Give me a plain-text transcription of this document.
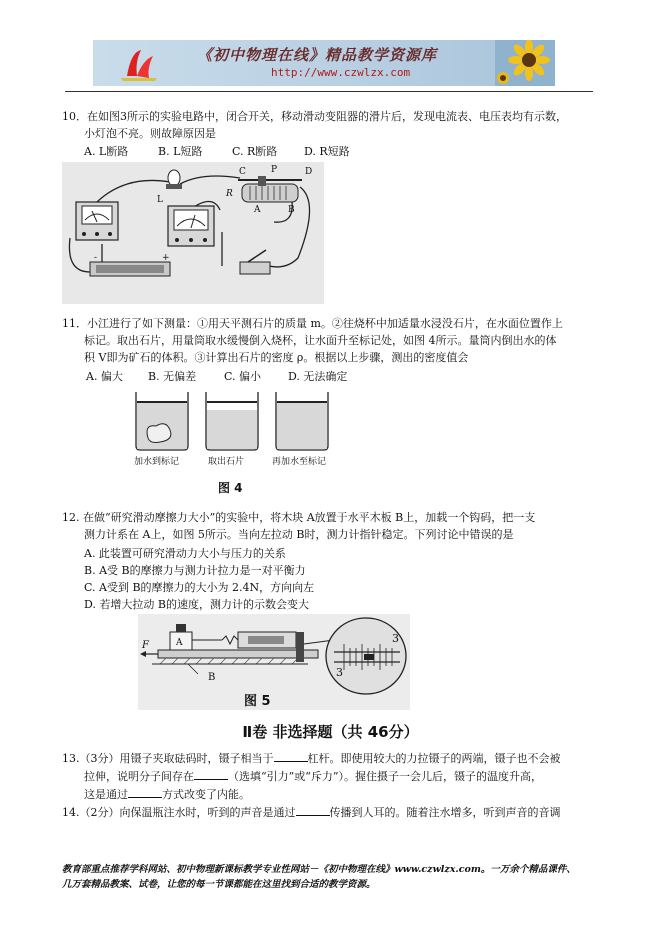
《初中物理在线》精品教学资源库
http://www.czwlzx.com
10．在如图3所示的实验电路中，闭合开关，移动滑动变阻器的滑片后，发现电流表、电压表均有示数，
小灯泡不亮。则故障原因是
A. L断路	B. L短路	C. R断路 D. R短路
C	D
L
R
A	B
P
-	+
11．小江进行了如下测量：①用天平测石片的质量 m。②往烧杯中加适量水浸没石片，在水面位置作上
标记。取出石片，用量筒取水缓慢倒入烧杯，让水面升至标记处，如图 4所示。量筒内倒出水的体
积 V即为矿石的体积。③计算出石片的密度 ρ。根据以上步骤，测出的密度值会
A. 偏大 B. 无偏差	C. 偏小 D. 无法确定
加水到标记	取出石片	再加水至标记
图 4
12. 在做“研究滑动摩擦力大小”的实验中，将木块 A放置于水平木板 B上，加载一个钩码，把一支
测力计系在 A上，如图 5所示。当向左拉动 B时，测力计指针稳定。下列讨论中错误的是
A. 此装置可研究滑动力大小与压力的关系
B. A受 B的摩擦力与测力计拉力是一对平衡力
C. A受到 B的摩擦力的大小为 2.4N，方向向左
D. 若增大拉动 B的速度，测力计的示数会变大
F	A
B	3
3
图 5
Ⅱ卷 非选择题（共 46分）
13.（3分）用镊子夹取砝码时，镊子相当于	杠杆。即使用较大的力拉镊子的两端，镊子也不会被
拉伸，说明分子间存在	（选填“引力”或“斥力”）。握住摄子一会儿后，镊子的温度升高，
这是通过	方式改变了内能。
14.（2分）向保温瓶注水时，听到的声音是通过	传播到人耳的。随着注水增多，听到声音的音调
教育部重点推荐学科网站、初中物理新课标教学专业性网站－《初中物理在线》www.czwlzx.com。一万余个精品课件、
几万套精品教案、试卷，让您的每一节课都能在这里找到合适的教学资源。
